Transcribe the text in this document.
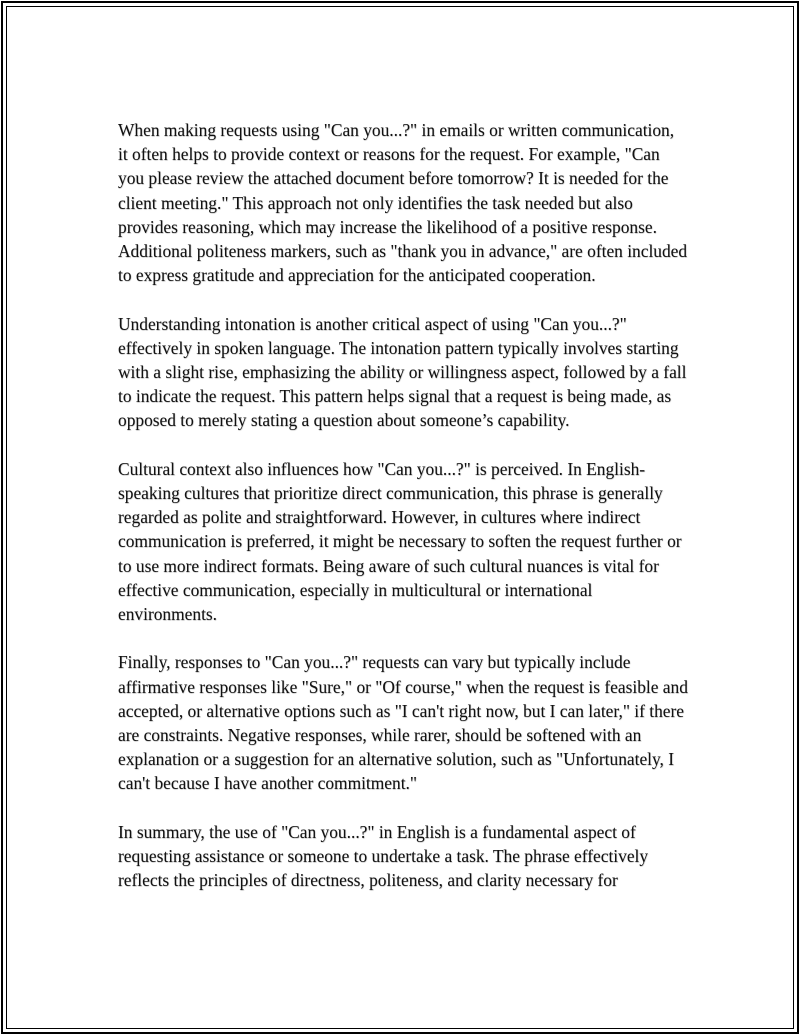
When making requests using "Can you...?" in emails or written communication, it often helps to provide context or reasons for the request. For example, "Can you please review the attached document before tomorrow? It is needed for the client meeting." This approach not only identifies the task needed but also provides reasoning, which may increase the likelihood of a positive response. Additional politeness markers, such as "thank you in advance," are often included to express gratitude and appreciation for the anticipated cooperation.

Understanding intonation is another critical aspect of using "Can you...?" effectively in spoken language. The intonation pattern typically involves starting with a slight rise, emphasizing the ability or willingness aspect, followed by a fall to indicate the request. This pattern helps signal that a request is being made, as opposed to merely stating a question about someone’s capability.

Cultural context also influences how "Can you...?" is perceived. In English-speaking cultures that prioritize direct communication, this phrase is generally regarded as polite and straightforward. However, in cultures where indirect communication is preferred, it might be necessary to soften the request further or to use more indirect formats. Being aware of such cultural nuances is vital for effective communication, especially in multicultural or international environments.

Finally, responses to "Can you...?" requests can vary but typically include affirmative responses like "Sure," or "Of course," when the request is feasible and accepted, or alternative options such as "I can't right now, but I can later," if there are constraints. Negative responses, while rarer, should be softened with an explanation or a suggestion for an alternative solution, such as "Unfortunately, I can't because I have another commitment."

In summary, the use of "Can you...?" in English is a fundamental aspect of requesting assistance or someone to undertake a task. The phrase effectively reflects the principles of directness, politeness, and clarity necessary for
